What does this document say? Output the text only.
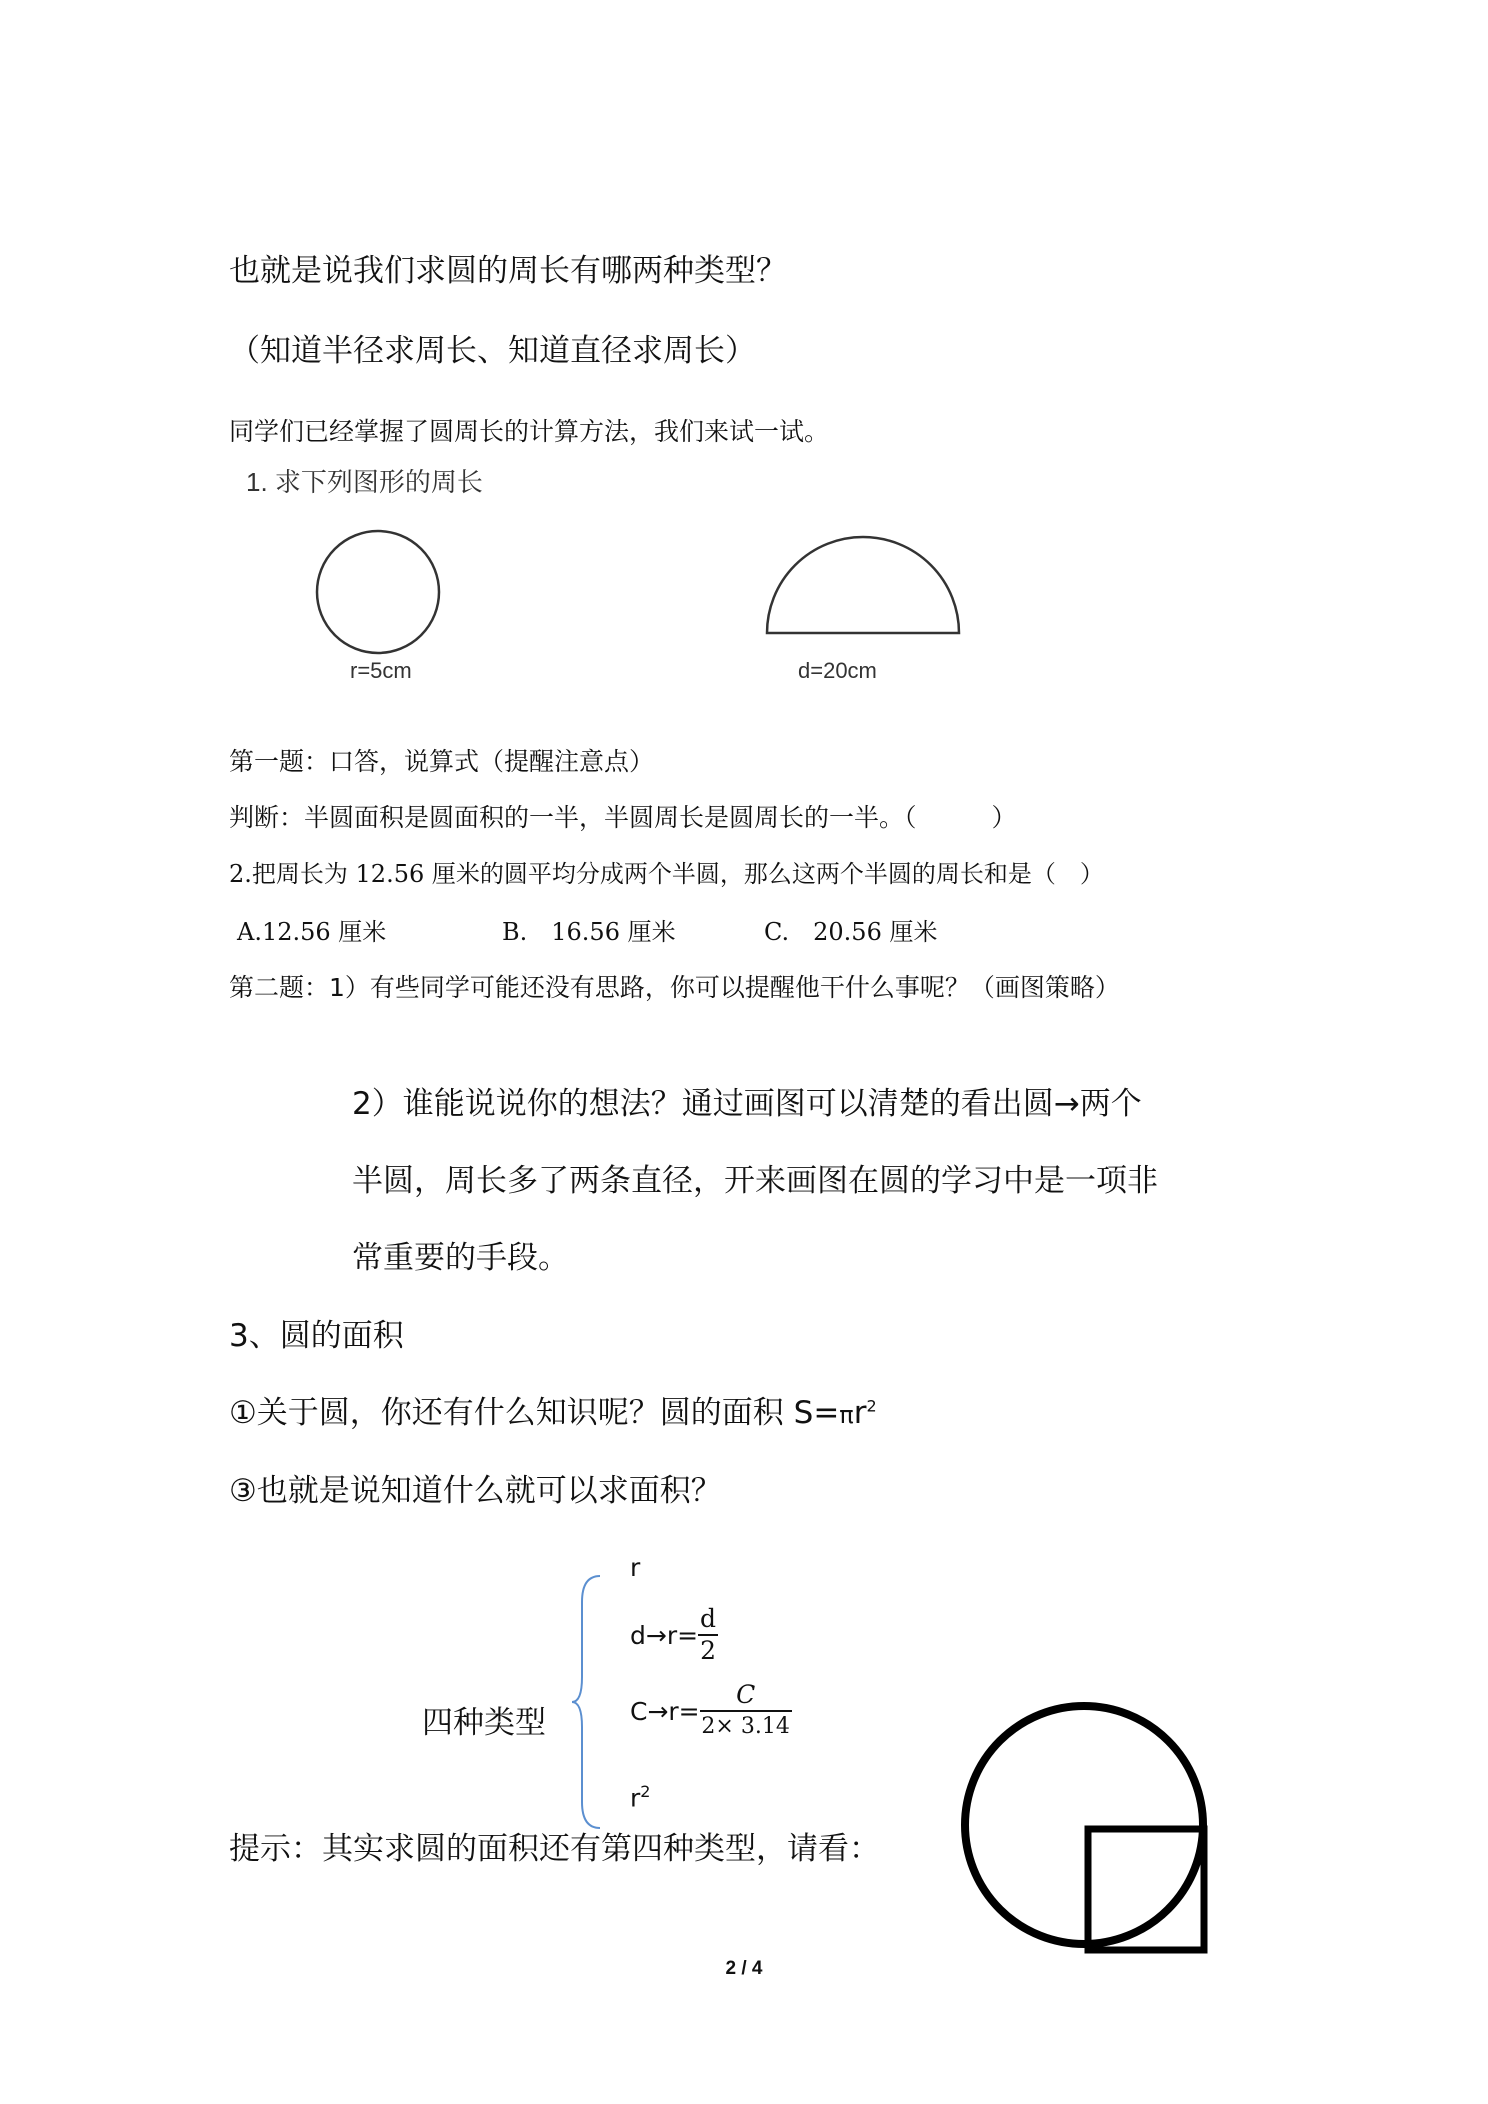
也就是说我们求圆的周长有哪两种类型？
（知道半径求周长、知道直径求周长）
同学们已经掌握了圆周长的计算方法，我们来试一试。
1. 求下列图形的周长
r=5cm	d=20cm
第一题：口答，说算式（提醒注意点）
判断：半圆面积是圆面积的一半，半圆周长是圆周长的一半。（　　　）
2.把周长为 12.56 厘米的圆平均分成两个半圆，那么这两个半圆的周长和是（　）
A.12.56 厘米	B.　16.56 厘米	C.　20.56 厘米
第二题：1）有些同学可能还没有思路，你可以提醒他干什么事呢？（画图策略）
2）谁能说说你的想法？通过画图可以清楚的看出圆→两个
半圆，周长多了两条直径，开来画图在圆的学习中是一项非
常重要的手段。
3、圆的面积
①关于圆，你还有什么知识呢？圆的面积 $S=\pi r^2$
③也就是说知道什么就可以求面积？
四种类型
r
$d\to r= \frac{d}{2}$
$C\to r= \frac{C}{2\times 3.14}$
$r^2$
提示：其实求圆的面积还有第四种类型，请看：
2 / 4
